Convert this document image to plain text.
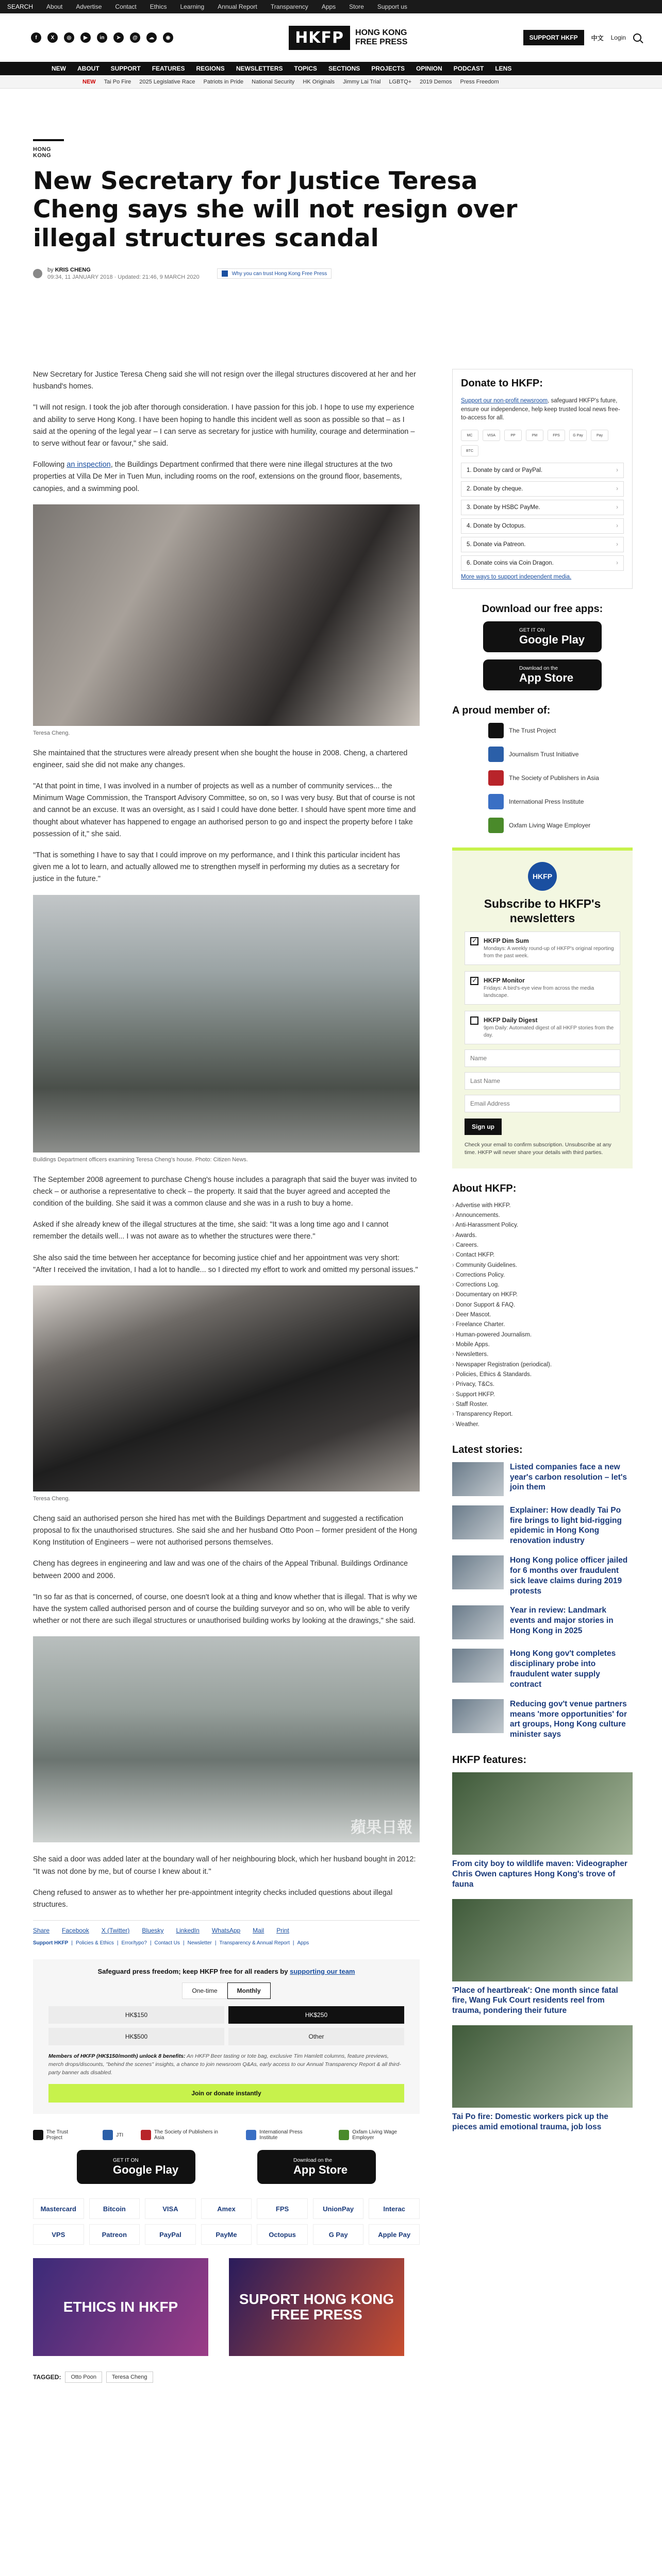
SEARCH About Advertise Contact Ethics Learning Annual Report Transparency Apps Store Support us
f	X	◎	▶	in	➤	@	☁	◉	HKFP	HONG KONG
FREE PRESS	SUPPORT HKFP	中文 Login
NEW ABOUT SUPPORT FEATURES REGIONS NEWSLETTERS TOPICS SECTIONS PROJECTS OPINION PODCAST LENS
NEW Tai Po Fire 2025 Legislative Race Patriots in Pride National Security HK Originals Jimmy Lai Trial LGBTQ+ 2019 Demos Press Freedom
HONG KONG
New Secretary for Justice Teresa Cheng says she will not resign over illegal structures scandal
by KRIS CHENG
09:34, 11 JANUARY 2018 · Updated: 21:46, 9 MARCH 2020
Why you can trust Hong Kong Free Press

New Secretary for Justice Teresa Cheng said she will not resign over the illegal structures discovered at her and her husband's homes.

"I will not resign. I took the job after thorough consideration. I have passion for this job. I hope to use my experience and ability to serve Hong Kong. I have been hoping to handle this incident well as soon as possible so that – as I said at the opening of the legal year – I can serve as secretary for justice with humility, courage and determination – to serve without fear or favour," she said.

Following an inspection, the Buildings Department confirmed that there were nine illegal structures at the two properties at Villa De Mer in Tuen Mun, including rooms on the roof, extensions on the ground floor, basements, canopies, and a swimming pool.

Teresa Cheng.

She maintained that the structures were already present when she bought the house in 2008. Cheng, a chartered engineer, said she did not make any changes.

"At that point in time, I was involved in a number of projects as well as a number of community services... the Minimum Wage Commission, the Transport Advisory Committee, so on, so I was very busy. But that of course is not and cannot be an excuse. It was an oversight, as I said I could have done better. I should have spent more time and thought about whatever has happened to engage an authorised person to go and inspect the property before I take possession of it," she said.

"That is something I have to say that I could improve on my performance, and I think this particular incident has given me a lot to learn, and actually allowed me to strengthen myself in performing my duties as a secretary for justice in the future."

Buildings Department officers examining Teresa Cheng's house. Photo: Citizen News.

The September 2008 agreement to purchase Cheng's house includes a paragraph that said the buyer was invited to check – or authorise a representative to check – the property. It said that the buyer agreed and accepted the condition of the building. She said it was a common clause and she was in a rush to buy a home.

Asked if she already knew of the illegal structures at the time, she said: "It was a long time ago and I cannot remember the details well... I was not aware as to whether the structures were there."

She also said the time between her acceptance for becoming justice chief and her appointment was very short: "After I received the invitation, I had a lot to handle... so I directed my effort to work and omitted my personal issues."

Teresa Cheng.

Cheng said an authorised person she hired has met with the Buildings Department and suggested a rectification proposal to fix the unauthorised structures. She said she and her husband Otto Poon – former president of the Hong Kong Institution of Engineers – were not authorised persons themselves.

Cheng has degrees in engineering and law and was one of the chairs of the Appeal Tribunal. Buildings Ordinance between 2000 and 2006.

"In so far as that is concerned, of course, one doesn't look at a thing and know whether that is illegal. That is why we have the system called authorised person and of course the building surveyor and so on, who will be able to verify whether or not there are such illegal structures or unauthorised building works by looking at the drawings," she said.

蘋果日報

She said a door was added later at the boundary wall of her neighbouring block, which her husband bought in 2012: "It was not done by me, but of course I knew about it."

Cheng refused to answer as to whether her pre-appointment integrity checks included questions about illegal structures.

Share Facebook X (Twitter) Bluesky LinkedIn WhatsApp Mail Print
Support HKFP | Policies & Ethics | Error/typo? | Contact Us | Newsletter | Transparency & Annual Report | Apps
Safeguard press freedom; keep HKFP free for all readers by supporting our team
One-time	Monthly
HK$150	HK$250
HK$500	Other
Members of HKFP (HK$150/month) unlock 8 benefits: An HKFP Beer tasting or tote bag, exclusive Tim Hamlett columns, feature previews, merch drops/discounts, "behind the scenes" insights, a chance to join newsroom Q&As, early access to our Annual Transparency Report & all third-party banner ads disabled.
Join or donate instantly
The Trust Project	JTI	The Society of Publishers in Asia
International Press Institute
Oxfam Living Wage Employer
GET IT ON
Google Play
Download on the
App Store
Mastercard	Bitcoin	VISA	Amex	FPS	UnionPay	Interac
VPS	Patreon	PayPal	PayMe	Octopus	G Pay	Apple Pay
ETHICS IN HKFP	SUPORT HONG KONG FREE PRESS
TAGGED:	Otto Poon	Teresa Cheng
Donate to HKFP:
Support our non-profit newsroom, safeguard HKFP's future, ensure our independence, help keep trusted local news free-to-access for all.
MC	VISA	PP	PM	FPS	G Pay	Pay
BTC
1. Donate by card or PayPal.	›
2. Donate by cheque.	›
3. Donate by HSBC PayMe.	›
4. Donate by Octopus.	›
5. Donate via Patreon.	›
6. Donate coins via Coin Dragon.	›
More ways to support independent media.
Download our free apps:
GET IT ON
Google Play
Download on the
App Store
A proud member of:
The Trust Project
Journalism Trust Initiative
The Society of Publishers in Asia
International Press Institute
Oxfam Living Wage Employer
HKFP
Subscribe to HKFP's newsletters
✓
HKFP Dim Sum
Mondays: A weekly round-up of HKFP's original reporting from the past week.
✓
HKFP Monitor
Fridays: A bird's-eye view from across the media landscape.
HKFP Daily Digest
9pm Daily: Automated digest of all HKFP stories from the day.
Name Last Name Email Address Sign up
Check your email to confirm subscription. Unsubscribe at any time. HKFP will never share your details with third parties.
About HKFP:
› Advertise with HKFP.
› Announcements.
› Anti-Harassment Policy.
› Awards.
› Careers.
› Contact HKFP.
› Community Guidelines.
› Corrections Policy.
› Corrections Log.
› Documentary on HKFP.
› Donor Support & FAQ.
› Deer Mascot.
› Freelance Charter.
› Human-powered Journalism.
› Mobile Apps.
› Newsletters.
› Newspaper Registration (periodical).
› Policies, Ethics & Standards.
› Privacy, T&Cs.
› Support HKFP.
› Staff Roster.
› Transparency Report.
› Weather.
Latest stories:
Listed companies face a new year's carbon resolution – let's join them
Explainer: How deadly Tai Po fire brings to light bid-rigging epidemic in Hong Kong renovation industry
Hong Kong police officer jailed for 6 months over fraudulent sick leave claims during 2019 protests
Year in review: Landmark events and major stories in Hong Kong in 2025
Hong Kong gov't completes disciplinary probe into fraudulent water supply contract
Reducing gov't venue partners means 'more opportunities' for art groups, Hong Kong culture minister says
HKFP features:
From city boy to wildlife maven: Videographer Chris Owen captures Hong Kong's trove of fauna
'Place of heartbreak': One month since fatal fire, Wang Fuk Court residents reel from trauma, pondering their future
Tai Po fire: Domestic workers pick up the pieces amid emotional trauma, job loss
